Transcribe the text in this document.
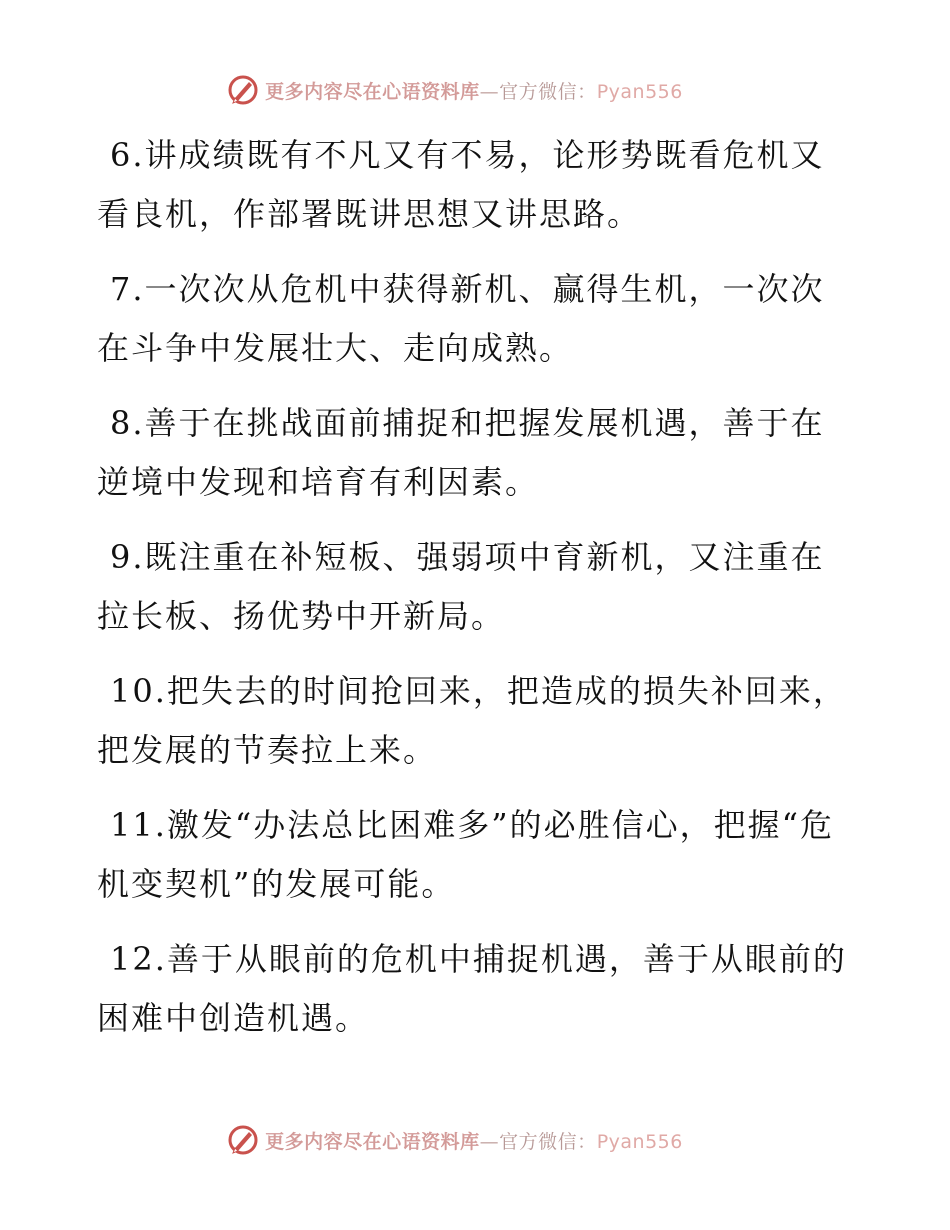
更多内容尽在心语资料库—官方微信：Pyan556

6.讲成绩既有不凡又有不易，论形势既看危机又看良机，作部署既讲思想又讲思路。

7.一次次从危机中获得新机、赢得生机，一次次在斗争中发展壮大、走向成熟。

8.善于在挑战面前捕捉和把握发展机遇，善于在逆境中发现和培育有利因素。

9.既注重在补短板、强弱项中育新机，又注重在拉长板、扬优势中开新局。

10.把失去的时间抢回来，把造成的损失补回来，把发展的节奏拉上来。

11.激发“办法总比困难多”的必胜信心，把握“危机变契机”的发展可能。

12.善于从眼前的危机中捕捉机遇，善于从眼前的困难中创造机遇。

更多内容尽在心语资料库—官方微信：Pyan556
